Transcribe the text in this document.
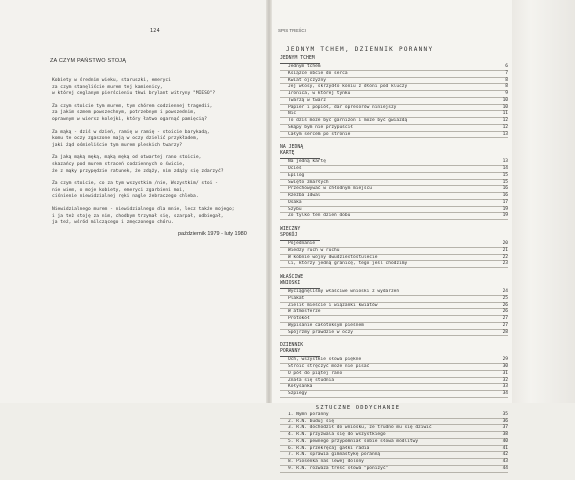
124
ZA CZYM PAŃSTWO STOJĄ
Kobiety w średnim wieku, staruszki, emeryci
za czym stanęliście murem tej kamienicy,
w której ceglanym pierścieniu tkwi brylant witryny "MIESO"?
Za czym stoicie tym murem, tym chórem codziennej tragedii,
za jakim szmem powszechnym, potrzebnym i powszednim,
oprawnym w wiersz kolejki, który łatwo ogarnąć pamięcią?
Za mąką - dziś w dzień, ramię w ramię - stoicie barykadą,
komu te oczy zgaszone mają w oczy dzielić przykładem,
jaki żąd ośmieliście tym murem pleskich twarzy?
Za jaką mąką męką, mąką męką od otwartej rano stoicie,
skazańcy pod murem straceń codziennych o świcie,
że z mąky przypędzie ratunek, że zdąży, nim zdąży się zdarzyć?
Za czym stoicie, co za tym wszystkim /nie, Wszystkim/ stoi -
nie wiem, o moje kobiety, emeryci zgarbieni moi,
ciśnienie niewidzialnej ręki nagle żebraczego chleba.
Niewidzialnego murem - niewidzialnego dla mnie, lecz także mojego;
i ja też stoję za nim, chodbym trzymał się, szarpał, odbiegał,
ja też, wśród milczącego i zmęczonego chóru.
październik 1979 - luty 1980
SPIS TREŚCI
JEDNYM TCHEM, DZIENNIK PORANNY
JEDNYM TCHEM
Jednym tchem	6
Książce obcie do serca	7
Kwiat ojczyzny	8
Jej włosy, skrzydło koniu z dłoni pod kluczy	8
Ironica, w której tynku	9
Twarzą w twarz	10
Papier i popiół, dar opresorów niniejszy	10
Nic	11
To dziś może być garnizon i może być gwiazdą	12
Skąpy bym nie przypuścił	12
Całym sercem po stronie	13
NA JEDNĄ KARTĘ
Na jedną kartę	13
Ocieś	14
Epilog	15
Święto zmarłych	15
Przechowywać w chłodnym miejscu	16
Rzeźba Idwal	16
Osaka	17
Szybu	19
Zo tylko ten dzień dobu	19
WIECZNY SPOKÓJ
Pojednanie	20
Wiedzy ruch w ruchu	21
W kobnie wojny dwudziestostulecie	22
Ci, którzy jedną granicę, tego jeśl chodzimy	23
WŁAŚCIWE WNIOSKI
Wyciągnęliśmy właściwe wnioski z wydarzeń	24
Plakat	25
Zielił mieście i wiązanki kwiatów	26
W atmosferze	26
Protokół	27
Wypisanie całotoksym pieśnem	27
Spójrzmy prawdzie w oczy	28
DZIENNIK PORANNY
Och, wszystkie słowa piękne	29
Stroić stręczyć może nie pisać	30
O pół do piątej rano	31
Znała się studnia	32
Kołysanka	33
Szpiegy	34
SZTUCZNE ODDYCHANIE
1. Nymn poranny	35
2. R.N. buduj się	36
3. R.N. dochodził do wniosku, że trudno mu się dziwić	37
4. R.N. przyzwala się do wszystkiego	38
5. R.N. pewnego przypomniał sobie słowa modlitwy	40
6. R.N. przekręcaj gałki radia	41
7. R.N. sprawia gimnastykę poranną	42
8. Piosenka nas lewej dolony	43
9. R.N. rozważa treść słowa "poniżyć"	44
